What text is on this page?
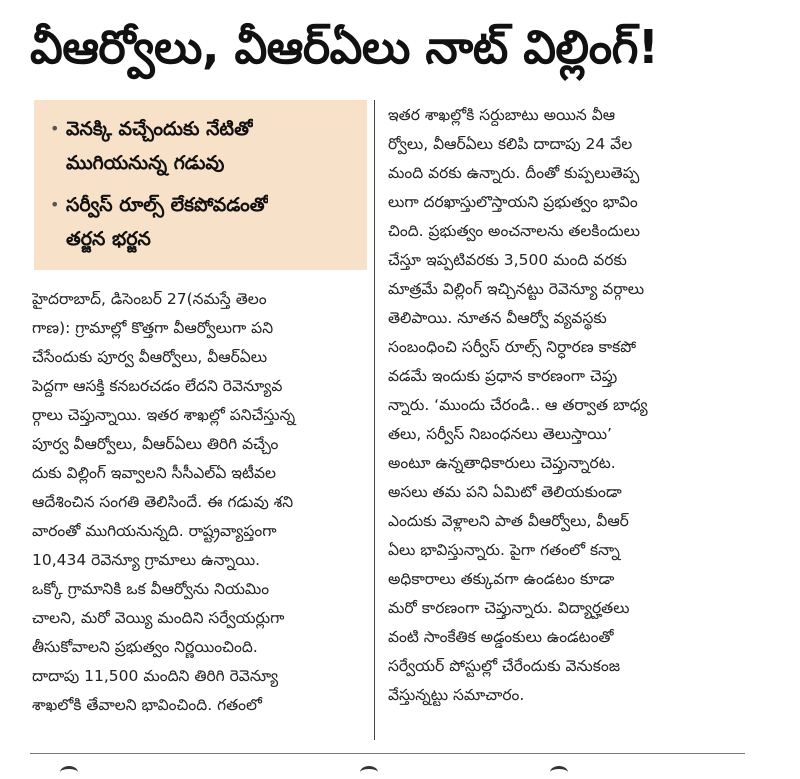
వీఆర్వోలు, వీఆర్‌ఏలు నాట్ విల్లింగ్!
• వెనక్కి వచ్చేందుకు నేటితో
ముగియనున్న గడువు
• సర్వీస్ రూల్స్ లేకపోవడంతో
తర్జన భర్జన
హైదరాబాద్, డిసెంబర్ 27(నమస్తే తెలం
గాణ): గ్రామాల్లో కొత్తగా వీఆర్వోలుగా పని
చేసేందుకు పూర్వ వీఆర్వోలు, వీఆర్‌ఏలు
పెద్దగా ఆసక్తి కనబరచడం లేదని రెవెన్యూవ
ర్గాలు చెప్తున్నాయి. ఇతర శాఖల్లో పనిచేస్తున్న
పూర్వ వీఆర్వోలు, వీఆర్‌ఏలు తిరిగి వచ్చేం
దుకు విల్లింగ్ ఇవ్వాలని సీసీఎల్‌ఏ ఇటీవల
ఆదేశించిన సంగతి తెలిసిందే. ఈ గడువు శని
వారంతో ముగియనున్నది. రాష్ట్రవ్యాప్తంగా
10,434 రెవెన్యూ గ్రామాలు ఉన్నాయి.
ఒక్కో గ్రామానికి ఒక వీఆర్వోను నియమిం
చాలని, మరో వెయ్యి మందిని సర్వేయర్లుగా
తీసుకోవాలని ప్రభుత్వం నిర్ణయించింది.
దాదాపు 11,500 మందిని తిరిగి రెవెన్యూ
శాఖలోకి తేవాలని భావించింది. గతంలో
ఇతర శాఖల్లోకి సర్దుబాటు అయిన వీఆ
ర్వోలు, వీఆర్‌ఏలు కలిపి దాదాపు 24 వేల
మంది వరకు ఉన్నారు. దీంతో కుప్పలుతెప్ప
లుగా దరఖాస్తులొస్తాయని ప్రభుత్వం భావిం
చింది. ప్రభుత్వం అంచనాలను తలకిందులు
చేస్తూ ఇప్పటివరకు 3,500 మంది వరకు
మాత్రమే విల్లింగ్ ఇచ్చినట్టు రెవెన్యూ వర్గాలు
తెలిపాయి. నూతన వీఆర్వో వ్యవస్థకు
సంబంధించి సర్వీస్ రూల్స్ నిర్ధారణ కాకపో
వడమే ఇందుకు ప్రధాన కారణంగా చెప్తు
న్నారు. ‘ముందు చేరండి.. ఆ తర్వాత బాధ్య
తలు, సర్వీస్ నిబంధనలు తెలుస్తాయి’
అంటూ ఉన్నతాధికారులు చెప్తున్నారట.
అసలు తమ పని ఏమిటో తెలియకుండా
ఎందుకు వెళ్లాలని పాత వీఆర్వోలు, వీఆర్
ఏలు భావిస్తున్నారు. పైగా గతంలో కన్నా
అధికారాలు తక్కువగా ఉండటం కూడా
మరో కారణంగా చెప్తున్నారు. విద్యార్హతలు
వంటి సాంకేతిక అడ్డంకులు ఉండటంతో
సర్వేయర్ పోస్టుల్లో చేరేందుకు వెనుకంజ
వేస్తున్నట్టు సమాచారం.
